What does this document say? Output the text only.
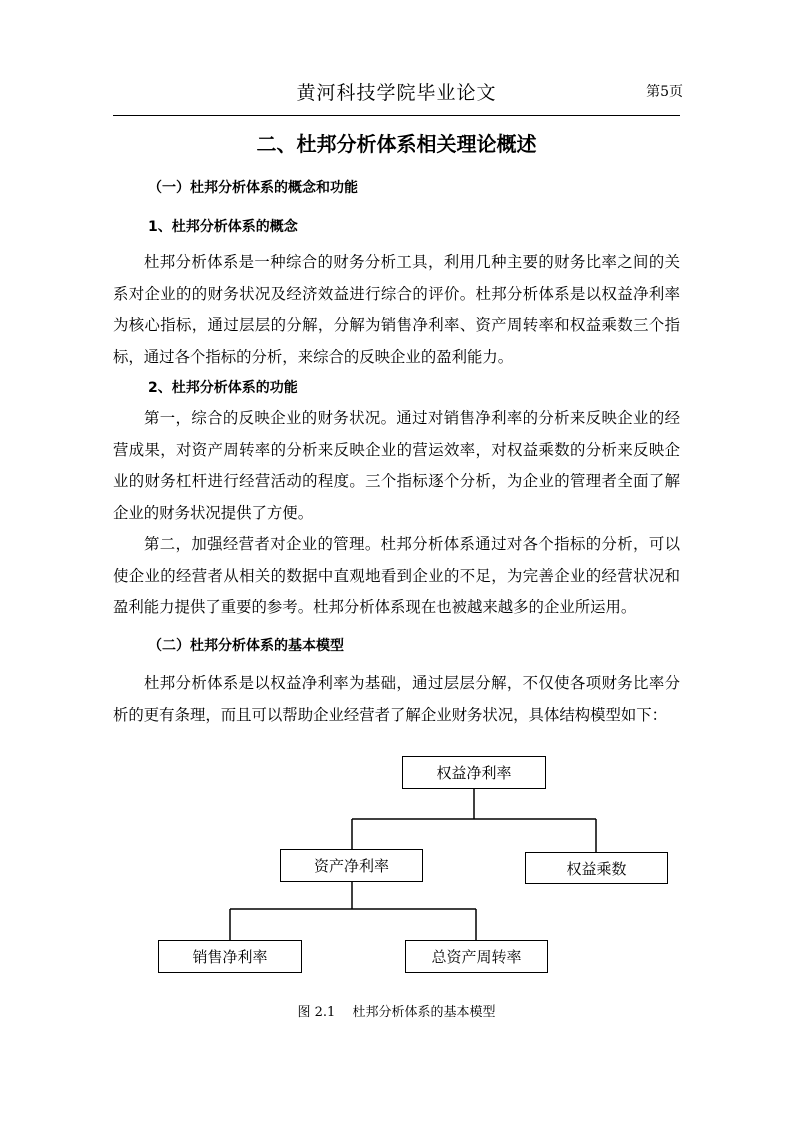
黄河科技学院毕业论文	第5页
二、杜邦分析体系相关理论概述
（一）杜邦分析体系的概念和功能
1、杜邦分析体系的概念

杜邦分析体系是一种综合的财务分析工具，利用几种主要的财务比率之间的关系对企业的的财务状况及经济效益进行综合的评价。杜邦分析体系是以权益净利率为核心指标，通过层层的分解，分解为销售净利率、资产周转率和权益乘数三个指标，通过各个指标的分析，来综合的反映企业的盈利能力。

2、杜邦分析体系的功能

第一，综合的反映企业的财务状况。通过对销售净利率的分析来反映企业的经营成果，对资产周转率的分析来反映企业的营运效率，对权益乘数的分析来反映企业的财务杠杆进行经营活动的程度。三个指标逐个分析，为企业的管理者全面了解企业的财务状况提供了方便。

第二，加强经营者对企业的管理。杜邦分析体系通过对各个指标的分析，可以使企业的经营者从相关的数据中直观地看到企业的不足，为完善企业的经营状况和盈利能力提供了重要的参考。杜邦分析体系现在也被越来越多的企业所运用。

（二）杜邦分析体系的基本模型

杜邦分析体系是以权益净利率为基础，通过层层分解，不仅使各项财务比率分析的更有条理，而且可以帮助企业经营者了解企业财务状况，具体结构模型如下：

权益净利率
资产净利率	权益乘数
销售净利率	总资产周转率
图 2.1　 杜邦分析体系的基本模型
